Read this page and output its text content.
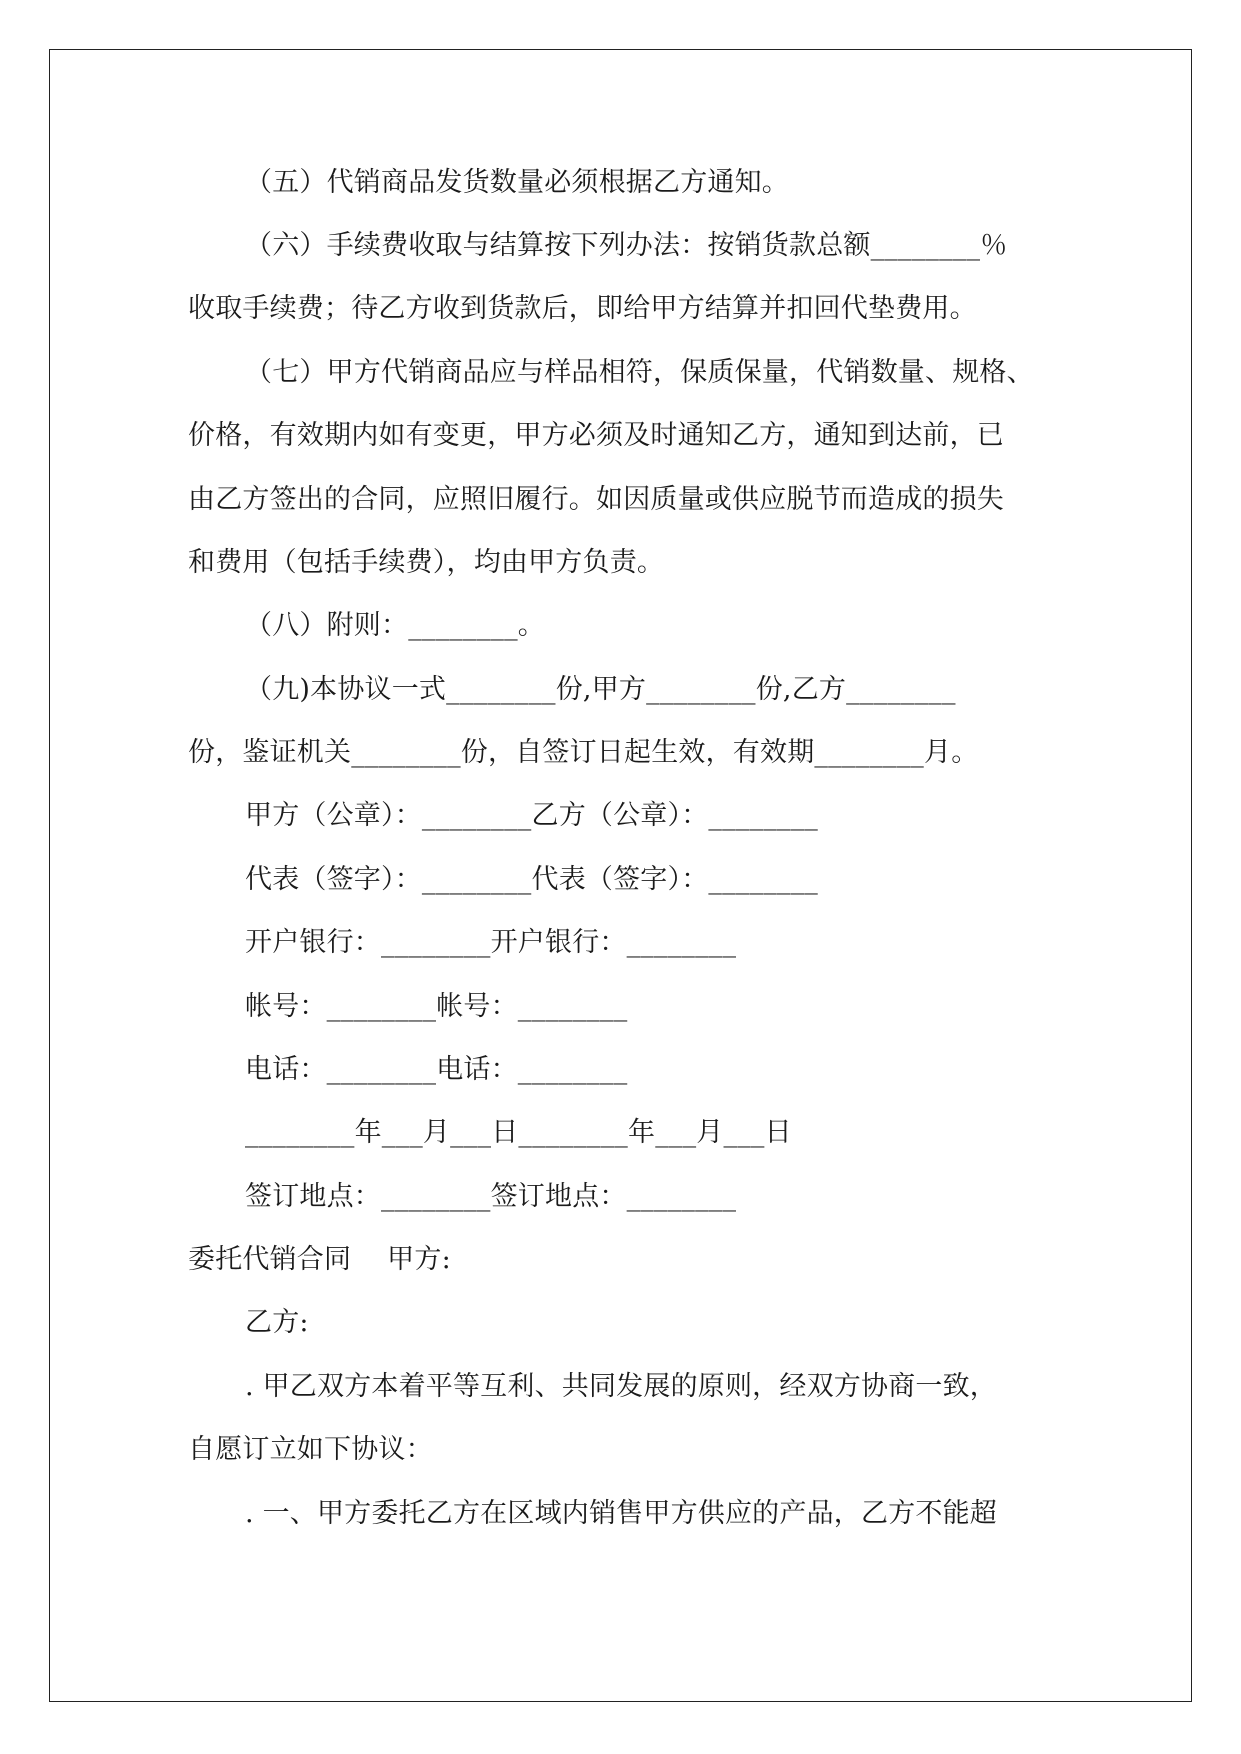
（五）代销商品发货数量必须根据乙方通知。
（六）手续费收取与结算按下列办法：按销货款总额________％
收取手续费；待乙方收到货款后，即给甲方结算并扣回代垫费用。
（七）甲方代销商品应与样品相符，保质保量，代销数量、规格、
价格，有效期内如有变更，甲方必须及时通知乙方，通知到达前，已
由乙方签出的合同，应照旧履行。如因质量或供应脱节而造成的损失
和费用（包括手续费），均由甲方负责。
（八）附则：________。
（九)本协议一式________份,甲方________份,乙方________
份，鉴证机关________份，自签订日起生效，有效期________月。
甲方（公章）：________乙方（公章）：________
代表（签字）：________代表（签字）：________
开户银行：________开户银行：________
帐号：________帐号：________
电话：________电话：________
________年___月___日________年___月___日
签订地点：________签订地点：________
委托代销合同　 甲方:
乙方:
. 甲乙双方本着平等互利、共同发展的原则，经双方协商一致，
自愿订立如下协议：
. 一、甲方委托乙方在区域内销售甲方供应的产品，乙方不能超
